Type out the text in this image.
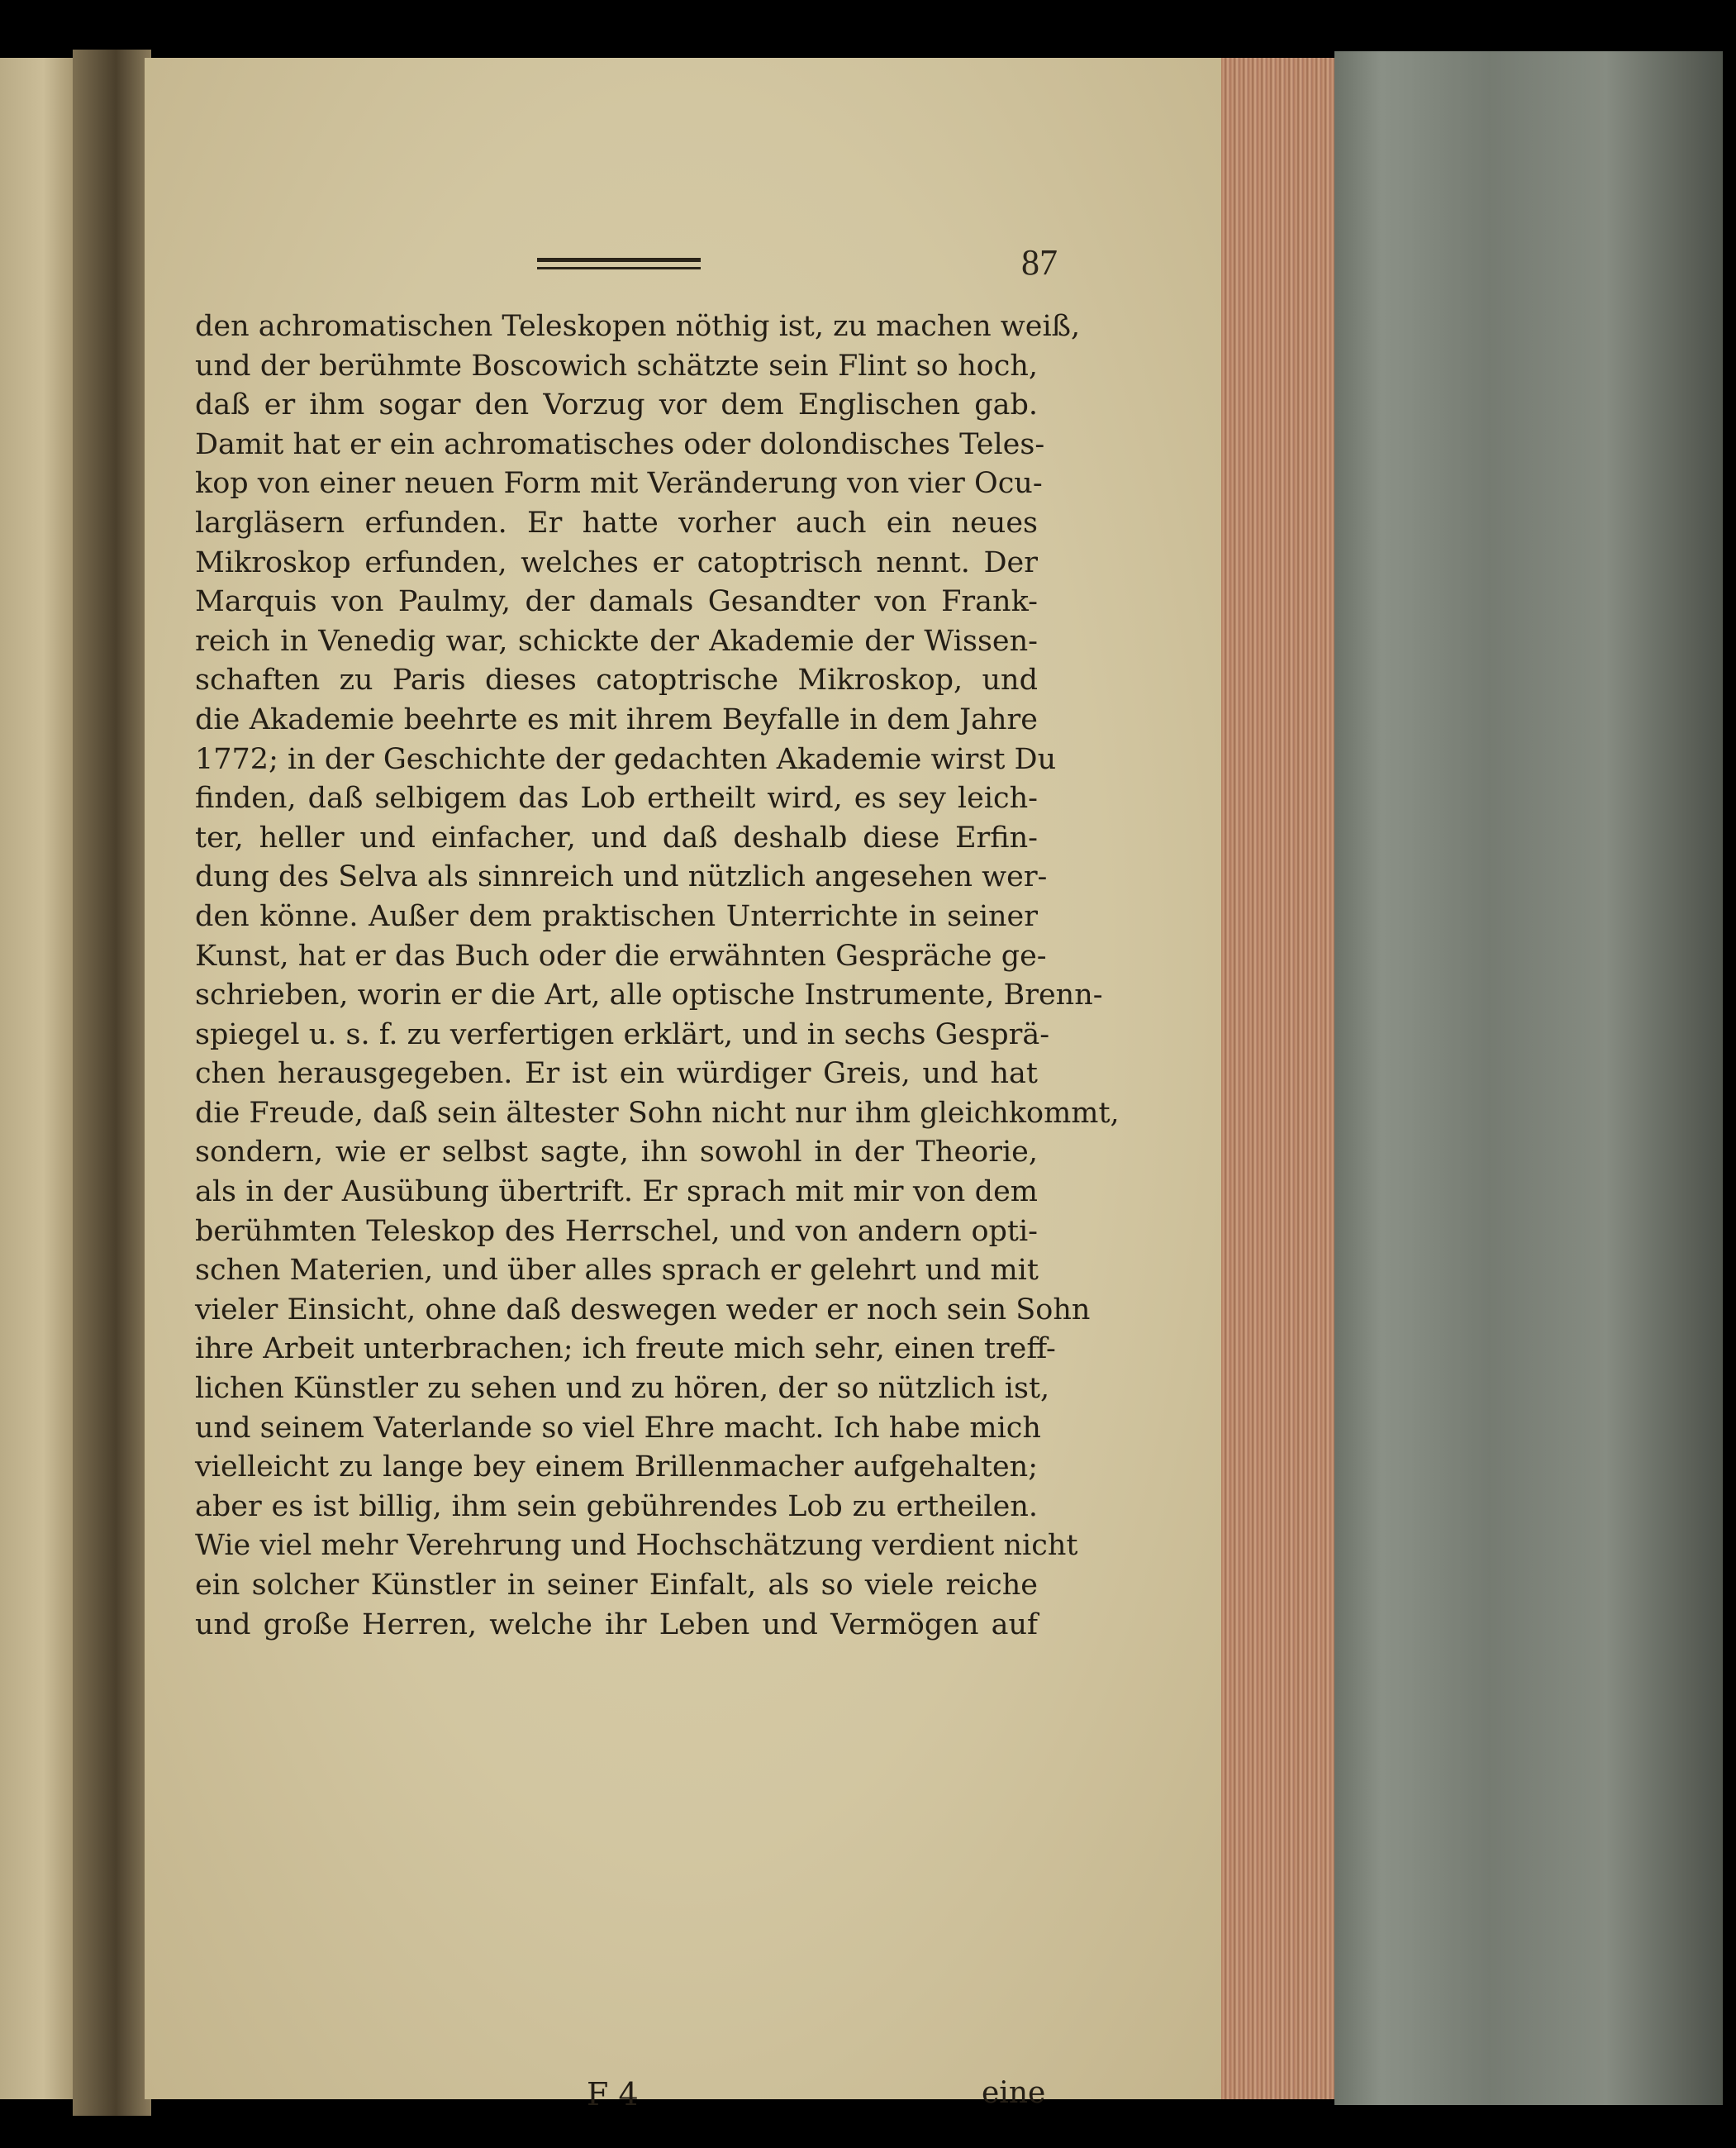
87
den achromatischen Teleskopen nöthig ist, zu machen weiß,
und der berühmte Boscowich schätzte sein Flint so hoch,
daß er ihm sogar den Vorzug vor dem Englischen gab.
Damit hat er ein achromatisches oder dolondisches Teles-
kop von einer neuen Form mit Veränderung von vier Ocu-
largläsern erfunden. Er hatte vorher auch ein neues
Mikroskop erfunden, welches er catoptrisch nennt. Der
Marquis von Paulmy, der damals Gesandter von Frank-
reich in Venedig war, schickte der Akademie der Wissen-
schaften zu Paris dieses catoptrische Mikroskop, und
die Akademie beehrte es mit ihrem Beyfalle in dem Jahre
1772; in der Geschichte der gedachten Akademie wirst Du
finden, daß selbigem das Lob ertheilt wird, es sey leich-
ter, heller und einfacher, und daß deshalb diese Erfin-
dung des Selva als sinnreich und nützlich angesehen wer-
den könne. Außer dem praktischen Unterrichte in seiner
Kunst, hat er das Buch oder die erwähnten Gespräche ge-
schrieben, worin er die Art, alle optische Instrumente, Brenn-
spiegel u. s. f. zu verfertigen erklärt, und in sechs Gesprä-
chen herausgegeben. Er ist ein würdiger Greis, und hat
die Freude, daß sein ältester Sohn nicht nur ihm gleichkommt,
sondern, wie er selbst sagte, ihn sowohl in der Theorie,
als in der Ausübung übertrift. Er sprach mit mir von dem
berühmten Teleskop des Herrschel, und von andern opti-
schen Materien, und über alles sprach er gelehrt und mit
vieler Einsicht, ohne daß deswegen weder er noch sein Sohn
ihre Arbeit unterbrachen; ich freute mich sehr, einen treff-
lichen Künstler zu sehen und zu hören, der so nützlich ist,
und seinem Vaterlande so viel Ehre macht. Ich habe mich
vielleicht zu lange bey einem Brillenmacher aufgehalten;
aber es ist billig, ihm sein gebührendes Lob zu ertheilen.
Wie viel mehr Verehrung und Hochschätzung verdient nicht
ein solcher Künstler in seiner Einfalt, als so viele reiche
und große Herren, welche ihr Leben und Vermögen auf
F 4	eine
